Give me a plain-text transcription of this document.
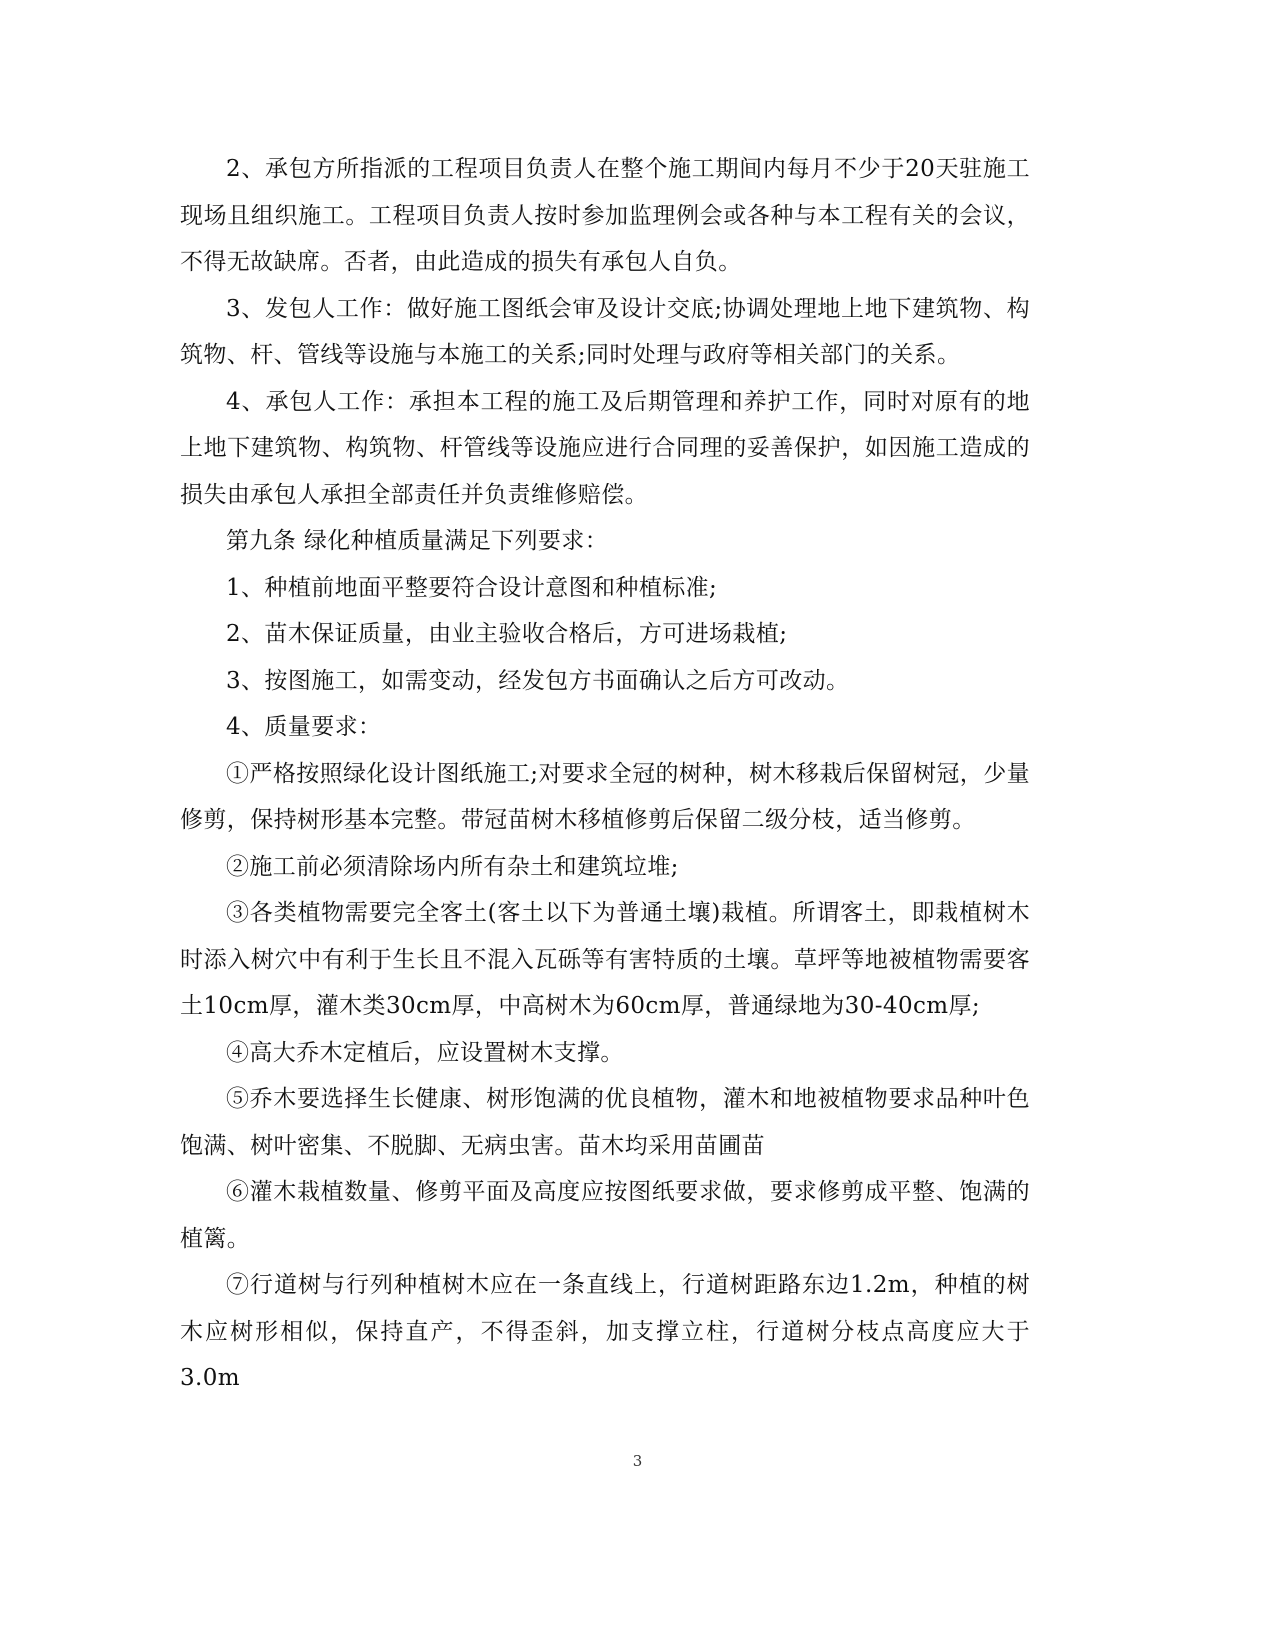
2、承包方所指派的工程项目负责人在整个施工期间内每月不少于20天驻施工现场且组织施工。工程项目负责人按时参加监理例会或各种与本工程有关的会议，不得无故缺席。否者，由此造成的损失有承包人自负。

3、发包人工作：做好施工图纸会审及设计交底;协调处理地上地下建筑物、构筑物、杆、管线等设施与本施工的关系;同时处理与政府等相关部门的关系。

4、承包人工作：承担本工程的施工及后期管理和养护工作，同时对原有的地上地下建筑物、构筑物、杆管线等设施应进行合同理的妥善保护，如因施工造成的损失由承包人承担全部责任并负责维修赔偿。

第九条 绿化种植质量满足下列要求：

1、种植前地面平整要符合设计意图和种植标准;

2、苗木保证质量，由业主验收合格后，方可进场栽植;

3、按图施工，如需变动，经发包方书面确认之后方可改动。

4、质量要求：

①严格按照绿化设计图纸施工;对要求全冠的树种，树木移栽后保留树冠，少量修剪，保持树形基本完整。带冠苗树木移植修剪后保留二级分枝，适当修剪。

②施工前必须清除场内所有杂土和建筑垃堆;

③各类植物需要完全客土(客土以下为普通土壤)栽植。所谓客土，即栽植树木时添入树穴中有利于生长且不混入瓦砾等有害特质的土壤。草坪等地被植物需要客土10cm厚，灌木类30cm厚，中高树木为60cm厚，普通绿地为30-40cm厚;

④高大乔木定植后，应设置树木支撑。

⑤乔木要选择生长健康、树形饱满的优良植物，灌木和地被植物要求品种叶色饱满、树叶密集、不脱脚、无病虫害。苗木均采用苗圃苗

⑥灌木栽植数量、修剪平面及高度应按图纸要求做，要求修剪成平整、饱满的植篱。

⑦行道树与行列种植树木应在一条直线上，行道树距路东边1.2m，种植的树木应树形相似，保持直产，不得歪斜，加支撑立柱，行道树分枝点高度应大于3.0m

3
